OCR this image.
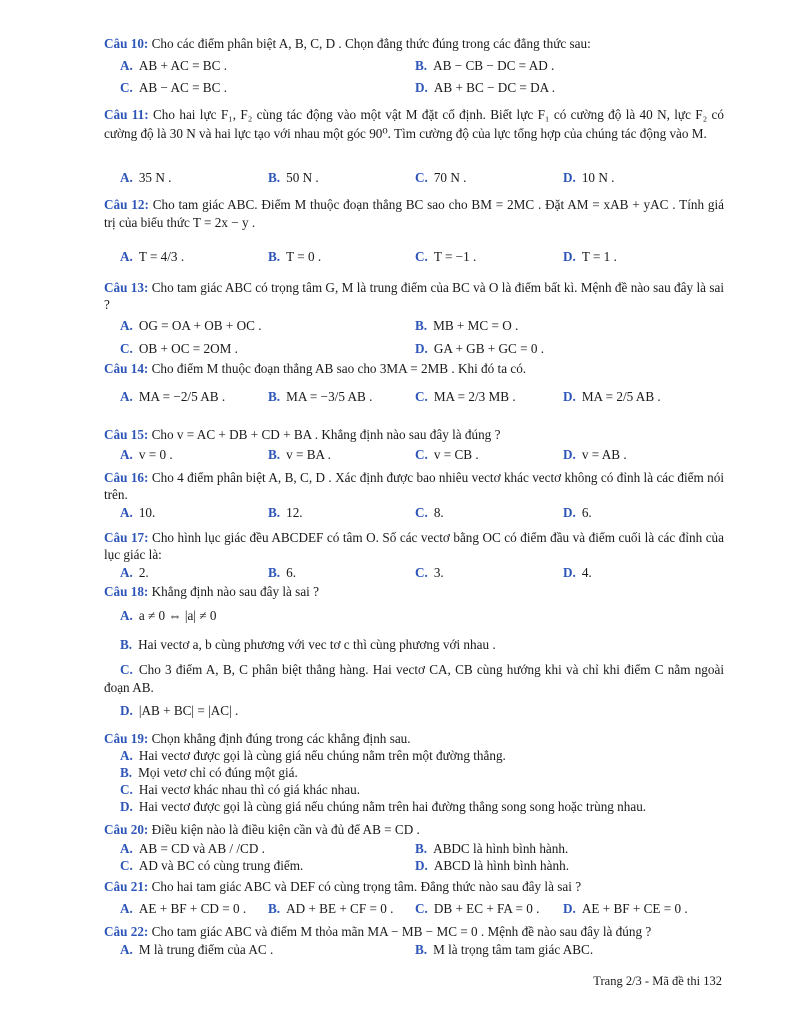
Câu 10: Cho các điểm phân biệt A, B, C, D . Chọn đẳng thức đúng trong các đẳng thức sau:
A. AB + AC = BC .	B. AB − CB − DC = AD .
C. AB − AC = BC .	D. AB + BC − DC = DA .
Câu 11: Cho hai lực F₁, F₂ cùng tác động vào một vật M đặt cố định. Biết lực F₁ có cường độ là 40 N, lực F₂ có cường độ là 30 N và hai lực tạo với nhau một góc 90⁰. Tìm cường độ của lực tổng hợp của chúng tác động vào M.
A. 35 N .	B. 50 N .	C. 70 N .	D. 10 N .
Câu 12: Cho tam giác ABC. Điểm M thuộc đoạn thẳng BC sao cho BM = 2MC . Đặt AM = xAB + yAC . Tính giá trị của biểu thức T = 2x − y .
A. T = 4/3 .	B. T = 0 .	C. T = −1 .	D. T = 1 .
Câu 13: Cho tam giác ABC có trọng tâm G, M là trung điểm của BC và O là điểm bất kì. Mệnh đề nào sau đây là sai ?
A. OG = OA + OB + OC .	B. MB + MC = O .
C. OB + OC = 2OM .	D. GA + GB + GC = 0 .
Câu 14: Cho điểm M thuộc đoạn thẳng AB sao cho 3MA = 2MB . Khi đó ta có.
A. MA = −2/5 AB .	B. MA = −3/5 AB .	C. MA = 2/3 MB .	D. MA = 2/5 AB .
Câu 15: Cho v = AC + DB + CD + BA . Khẳng định nào sau đây là đúng ?
A. v = 0 .	B. v = BA .	C. v = CB .	D. v = AB .
Câu 16: Cho 4 điểm phân biệt A, B, C, D . Xác định được bao nhiêu vectơ khác vectơ không có đỉnh là các điểm nói trên.
A. 10.	B. 12.	C. 8.	D. 6.
Câu 17: Cho hình lục giác đều ABCDEF có tâm O. Số các vectơ bằng OC có điểm đầu và điểm cuối là các đỉnh của lục giác là:
A. 2.	B. 6.	C. 3.	D. 4.
Câu 18: Khẳng định nào sau đây là sai ?
A. a ≠ 0 ⇔ |a| ≠ 0
B. Hai vectơ a, b cùng phương với vec tơ c thì cùng phương với nhau .
C. Cho 3 điểm A, B, C phân biệt thẳng hàng. Hai vectơ CA, CB cùng hướng khi và chỉ khi điểm C nằm ngoài đoạn AB.
D. |AB + BC| = |AC| .
Câu 19: Chọn khẳng định đúng trong các khẳng định sau.
A. Hai vectơ được gọi là cùng giá nếu chúng nằm trên một đường thẳng.
B. Mọi vetơ chỉ có đúng một giá.
C. Hai vectơ khác nhau thì có giá khác nhau.
D. Hai vectơ được gọi là cùng giá nếu chúng nằm trên hai đường thẳng song song hoặc trùng nhau.
Câu 20: Điều kiện nào là điều kiện cần và đủ để AB = CD .
A. AB = CD và AB / /CD .	B. ABDC là hình bình hành.
C. AD và BC có cùng trung điểm.	D. ABCD là hình bình hành.
Câu 21: Cho hai tam giác ABC và DEF có cùng trọng tâm. Đẳng thức nào sau đây là sai ?
A. AE + BF + CD = 0 . B. AD + BE + CF = 0 . C. DB + EC + FA = 0 . D. AE + BF + CE = 0 .
Câu 22: Cho tam giác ABC và điểm M thỏa mãn MA − MB − MC = 0 . Mệnh đề nào sau đây là đúng ?
A. M là trung điểm của AC .	B. M là trọng tâm tam giác ABC.
Trang 2/3 - Mã đề thi 132
